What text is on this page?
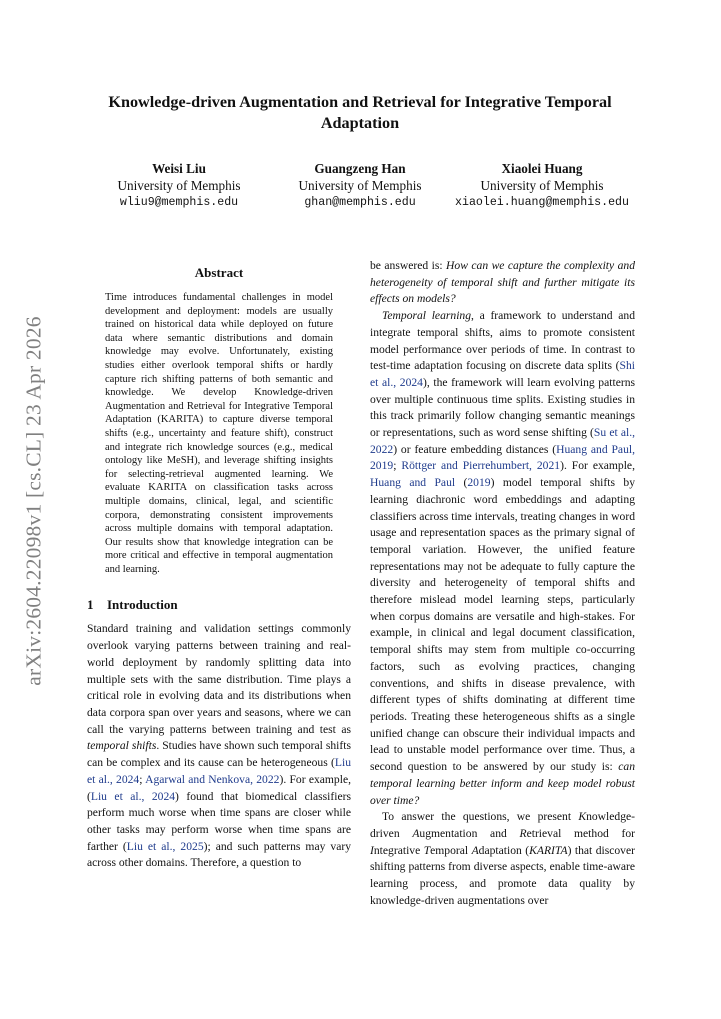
arXiv:2604.22098v1 [cs.CL] 23 Apr 2026
Knowledge-driven Augmentation and Retrieval for Integrative Temporal Adaptation
Weisi Liu
University of Memphis
wliu9@memphis.edu
Guangzeng Han
University of Memphis
ghan@memphis.edu
Xiaolei Huang
University of Memphis
xiaolei.huang@memphis.edu
Abstract

Time introduces fundamental challenges in model development and deployment: models are usually trained on historical data while deployed on future data where semantic distributions and domain knowledge may evolve. Unfortunately, existing studies either overlook temporal shifts or hardly capture rich shifting patterns of both semantic and knowledge. We develop Knowledge-driven Augmentation and Retrieval for Integrative Temporal Adaptation (KARITA) to capture diverse temporal shifts (e.g., uncertainty and feature shift), construct and integrate rich knowledge sources (e.g., medical ontology like MeSH), and leverage shifting insights for selecting-retrieval augmented learning. We evaluate KARITA on classification tasks across multiple domains, clinical, legal, and scientific corpora, demonstrating consistent improvements across multiple domains with temporal adaptation. Our results show that knowledge integration can be more critical and effective in temporal augmentation and learning.

1 Introduction

Standard training and validation settings commonly overlook varying patterns between training and real-world deployment by randomly splitting data into multiple sets with the same distribution. Time plays a critical role in evolving data and its distributions when data corpora span over years and seasons, where we can call the varying patterns between training and test as temporal shifts. Studies have shown such temporal shifts can be complex and its cause can be heterogeneous (Liu et al., 2024; Agarwal and Nenkova, 2022). For example, (Liu et al., 2024) found that biomedical classifiers perform much worse when time spans are closer while other tasks may perform worse when time spans are farther (Liu et al., 2025); and such patterns may vary across other domains. Therefore, a question to

be answered is: How can we capture the complexity and heterogeneity of temporal shift and further mitigate its effects on models?

Temporal learning, a framework to understand and integrate temporal shifts, aims to promote consistent model performance over periods of time. In contrast to test-time adaptation focusing on discrete data splits (Shi et al., 2024), the framework will learn evolving patterns over multiple continuous time splits. Existing studies in this track primarily follow changing semantic meanings or representations, such as word sense shifting (Su et al., 2022) or feature embedding distances (Huang and Paul, 2019; Röttger and Pierrehumbert, 2021). For example, Huang and Paul (2019) model temporal shifts by learning diachronic word embeddings and adapting classifiers across time intervals, treating changes in word usage and representation spaces as the primary signal of temporal variation. However, the unified feature representations may not be adequate to fully capture the diversity and heterogeneity of temporal shifts and therefore mislead model learning steps, particularly when corpus domains are versatile and high-stakes. For example, in clinical and legal document classification, temporal shifts may stem from multiple co-occurring factors, such as evolving practices, changing conventions, and shifts in disease prevalence, with different types of shifts dominating at different time periods. Treating these heterogeneous shifts as a single unified change can obscure their individual impacts and lead to unstable model performance over time. Thus, a second question to be answered by our study is: can temporal learning better inform and keep model robust over time?

To answer the questions, we present Knowledge-driven Augmentation and Retrieval method for Integrative Temporal Adaptation (KARITA) that discover shifting patterns from diverse aspects, enable time-aware learning process, and promote data quality by knowledge-driven augmentations over
